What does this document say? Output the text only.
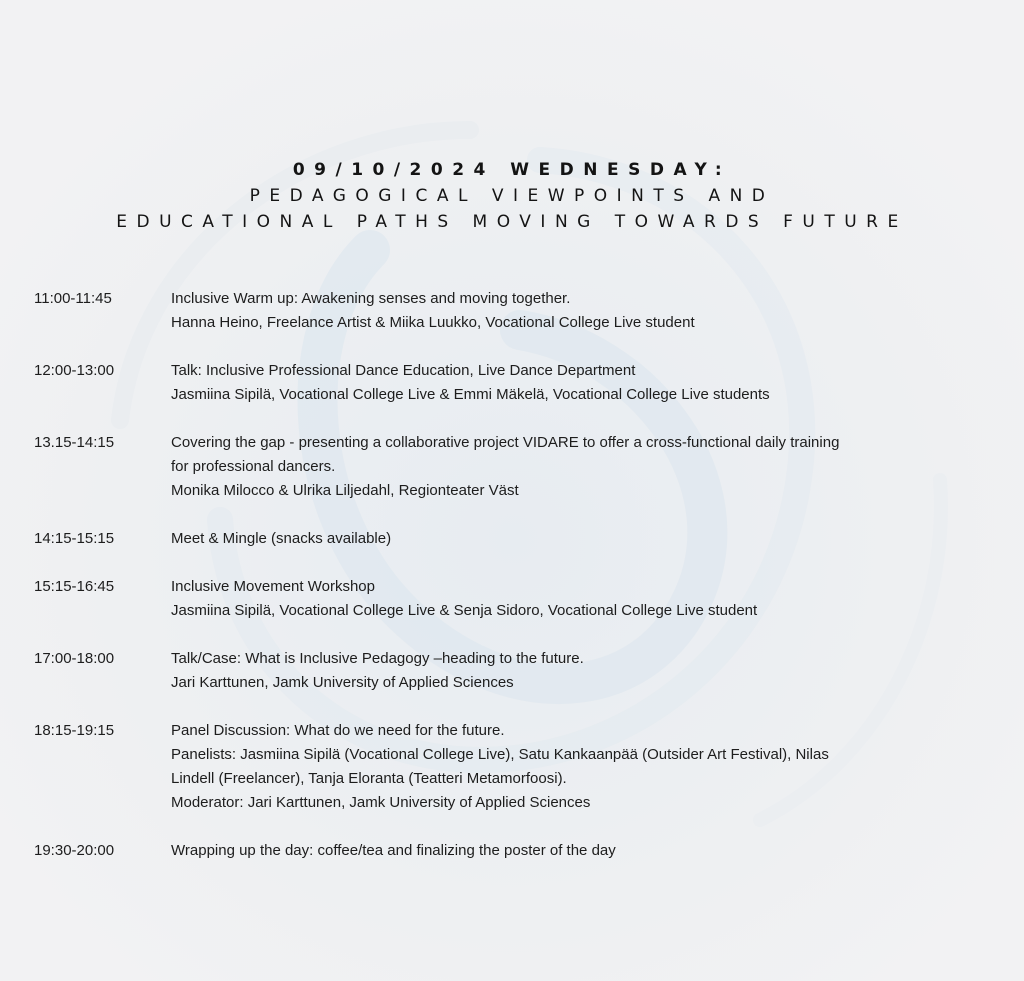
09/10/2024 WEDNESDAY:
PEDAGOGICAL VIEWPOINTS AND
EDUCATIONAL PATHS MOVING TOWARDS FUTURE
11:00-11:45	Inclusive Warm up: Awakening senses and moving together.
Hanna Heino, Freelance Artist & Miika Luukko, Vocational College Live student
12:00-13:00	Talk: Inclusive Professional Dance Education, Live Dance Department
Jasmiina Sipilä, Vocational College Live & Emmi Mäkelä, Vocational College Live students
13.15-14:15	Covering the gap - presenting a collaborative project VIDARE to offer a cross-functional daily training
for professional dancers.
Monika Milocco & Ulrika Liljedahl, Regionteater Väst
14:15-15:15	Meet & Mingle (snacks available)
15:15-16:45	Inclusive Movement Workshop
Jasmiina Sipilä, Vocational College Live & Senja Sidoro, Vocational College Live student
17:00-18:00	Talk/Case: What is Inclusive Pedagogy –heading to the future.
Jari Karttunen, Jamk University of Applied Sciences
18:15-19:15	Panel Discussion: What do we need for the future.
Panelists: Jasmiina Sipilä (Vocational College Live), Satu Kankaanpää (Outsider Art Festival), Nilas
Lindell (Freelancer), Tanja Eloranta (Teatteri Metamorfoosi).
Moderator: Jari Karttunen, Jamk University of Applied Sciences
19:30-20:00	Wrapping up the day: coffee/tea and finalizing the poster of the day
